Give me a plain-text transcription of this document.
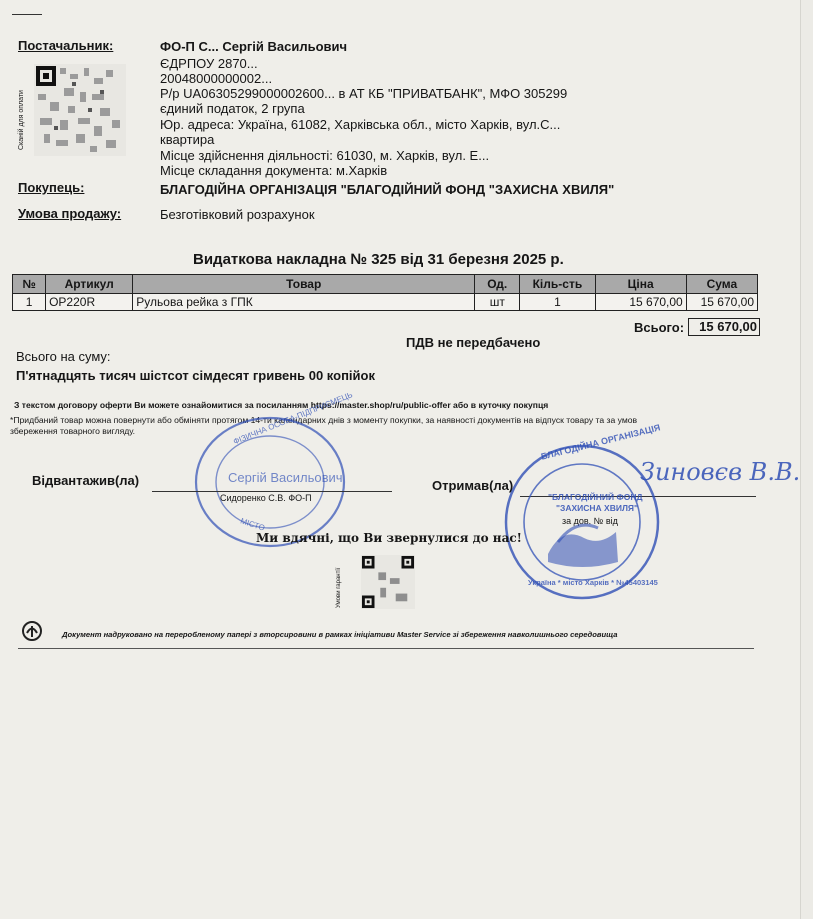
Постачальник:	ФО-П С... Сергій Васильович
ЄДРПОУ 2870...
20048000000002...
Р/р UA06305299000002600... в АТ КБ "ПРИВАТБАНК", МФО 305299
єдиний податок, 2 група
Юр. адреса: Україна, 61082, Харківська обл., місто Харків, вул.С...
квартира
Місце здійснення діяльності: 61030, м. Харків, вул. Е...
Місце складання документа: м.Харків
Сканій для оплати
Покупець:	БЛАГОДІЙНА ОРГАНІЗАЦІЯ "БЛАГОДІЙНИЙ ФОНД "ЗАХИСНА ХВИЛЯ"
Умова продажу:	Безготівковий розрахунок
Видаткова накладна № 325 від 31 березня 2025 р.
№	Артикул	Товар	Од.	Кіль-сть	Ціна	Сума
1	OP220R	Рульова рейка з ГПК	шт	1	15 670,00	15 670,00
Всього:	15 670,00
ПДВ не передбачено
Всього на суму:
П'ятнадцять тисяч шістсот сімдесят гривень 00 копійок
З текстом договору оферти Ви можете ознайомитися за посиланням https://master.shop/ru/public-offer або в куточку покупця
*Придбаний товар можна повернути або обміняти протягом 14-ти календарних днів з моменту покупки, за наявності документів на відпуск товару та за умов
збереження товарного вигляду.	ФІЗИЧНА ОСОБА-ПІДПРИЄМЕЦЬ
Сергій Васильович
МІСТО
Відвантажив(ла)
Сидоренко С.В. ФО-П
Отримав(ла)	Зиновєв В.В.
за дов. № від
БЛАГОДІЙНА ОРГАНІЗАЦІЯ
"БЛАГОДІЙНИЙ ФОНД
"ЗАХИСНА ХВИЛЯ"
Україна * місто Харків * №45403145
Ми вдячні, що Ви звернулися до нас!
Умови гарантії
Документ надруковано на переробленому папері з вторсировини в рамках ініціативи Master Service зі збереження навколишнього середовища
